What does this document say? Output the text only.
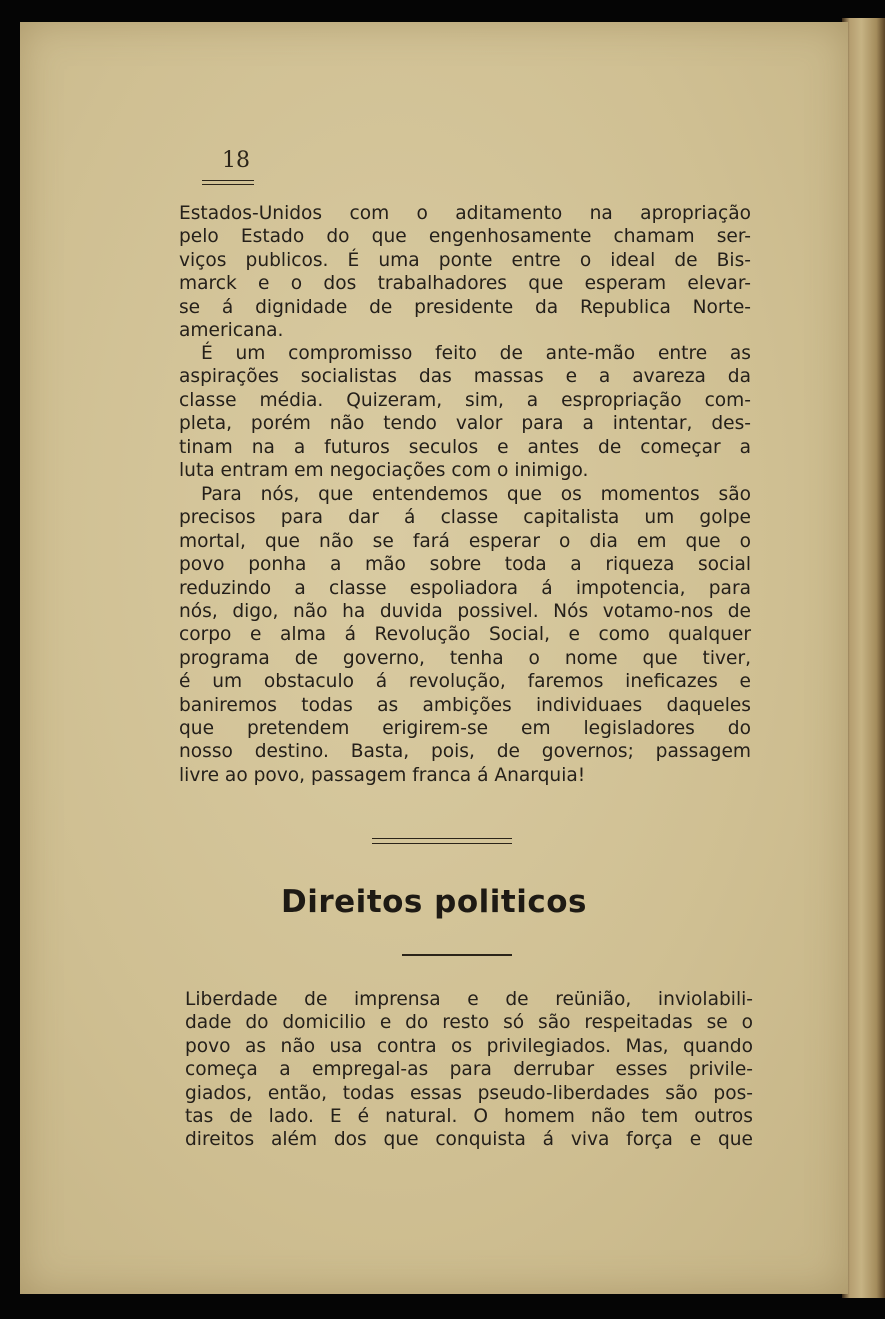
18
Estados-Unidos com o aditamento na apropriação
pelo Estado do que engenhosamente chamam ser-
viços publicos. É uma ponte entre o ideal de Bis-
marck e o dos trabalhadores que esperam elevar-
se á dignidade de presidente da Republica Norte-
americana.
É um compromisso feito de ante-mão entre as
aspirações socialistas das massas e a avareza da
classe média. Quizeram, sim, a espropriação com-
pleta, porém não tendo valor para a intentar, des-
tinam na a futuros seculos e antes de começar a
luta entram em negociações com o inimigo.
Para nós, que entendemos que os momentos são
precisos para dar á classe capitalista um golpe
mortal, que não se fará esperar o dia em que o
povo ponha a mão sobre toda a riqueza social
reduzindo a classe espoliadora á impotencia, para
nós, digo, não ha duvida possivel. Nós votamo-nos de
corpo e alma á Revolução Social, e como qualquer
programa de governo, tenha o nome que tiver,
é um obstaculo á revolução, faremos ineficazes e
baniremos todas as ambições individuaes daqueles
que pretendem erigirem-se em legisladores do
nosso destino. Basta, pois, de governos; passagem
livre ao povo, passagem franca á Anarquia!
Direitos politicos
Liberdade de imprensa e de reünião, inviolabili-
dade do domicilio e do resto só são respeitadas se o
povo as não usa contra os privilegiados. Mas, quando
começa a empregal-as para derrubar esses privile-
giados, então, todas essas pseudo-liberdades são pos-
tas de lado. E é natural. O homem não tem outros
direitos além dos que conquista á viva força e que
